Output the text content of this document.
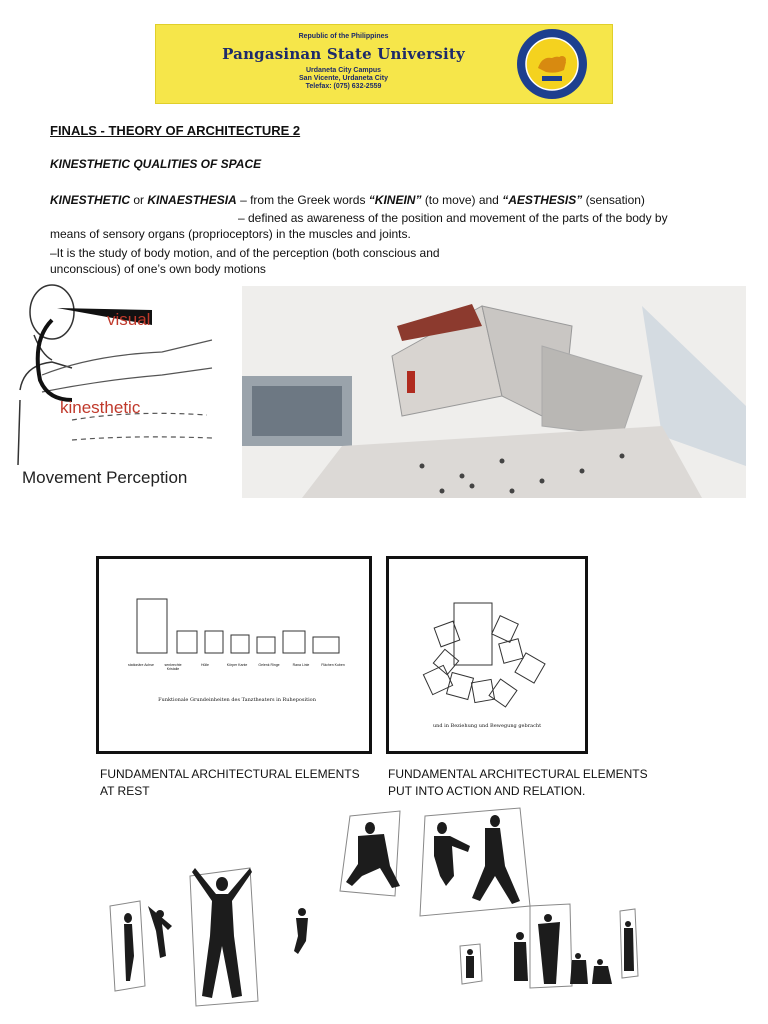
Republic of the Philippines
Pangasinan State University
Urdaneta City Campus
San Vicente, Urdaneta City
Telefax: (075) 632-2559
FINALS - THEORY OF ARCHITECTURE 2
KINESTHETIC QUALITIES OF SPACE
KINESTHETIC or KINAESTHESIA – from the Greek words “KINEIN” (to move) and “AESTHESIS” (sensation)
– defined as awareness of the position and movement of the parts of the body by
means of sensory organs (proprioceptors) in the muscles and joints.
–It is the study of body motion, and of the perception (both conscious and
unconscious) of one’s own body motions
visual
kinesthetic
Movement Perception
stationäre Achse	senkrechte Kristalle
Hülle	Körper Kante	Gelenk Ringe	Rana Linie	Flächen Kuben
Funktionale Grundeinheiten des Tanztheaters in Ruheposition
FUNDAMENTAL ARCHITECTURAL ELEMENTS
AT REST
und in Beziehung und Bewegung gebracht
FUNDAMENTAL ARCHITECTURAL ELEMENTS
PUT INTO ACTION AND RELATION.
